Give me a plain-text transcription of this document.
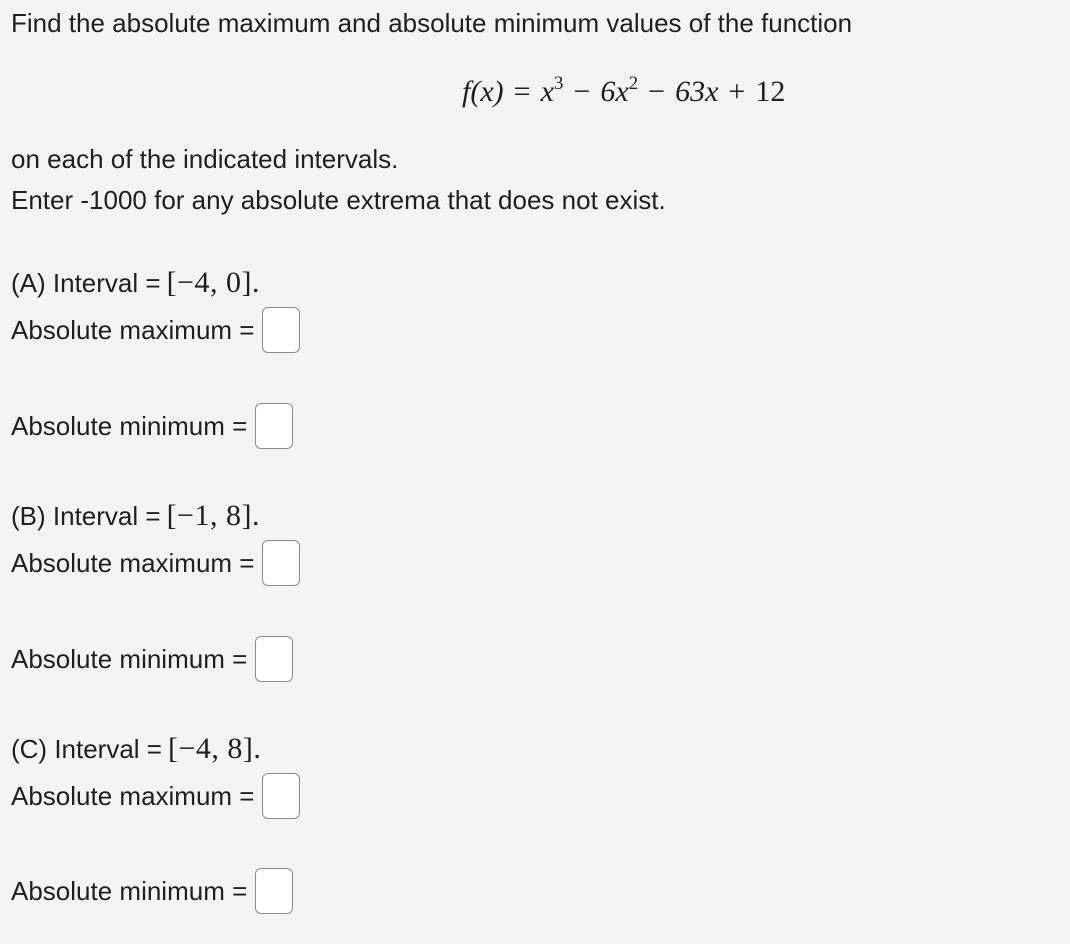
Find the absolute maximum and absolute minimum values of the function
$f(x) = x^3 - 6x^2 - 63x + 12$
on each of the indicated intervals.
Enter -1000 for any absolute extrema that does not exist.
(A) Interval = [−4, 0].
Absolute maximum =
Absolute minimum =
(B) Interval = [−1, 8].
Absolute maximum =
Absolute minimum =
(C) Interval = [−4, 8].
Absolute maximum =
Absolute minimum =
